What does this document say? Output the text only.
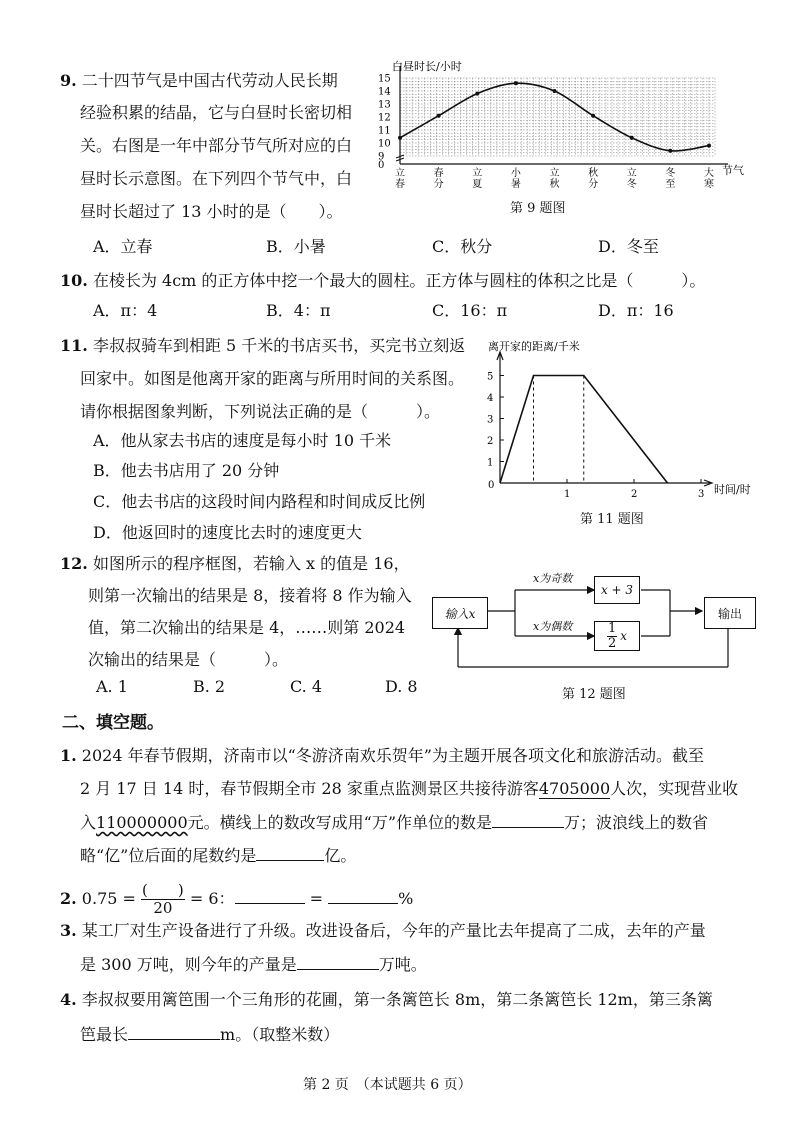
9. 二十四节气是中国古代劳动人民长期
经验积累的结晶，它与白昼时长密切相
关。右图是一年中部分节气所对应的白
昼时长示意图。在下列四个节气中，白
昼时长超过了 13 小时的是（　　）。
A．立春	B．小暑	C．秋分	D．冬至
15
14
13
12
11
10
9
立
春
春
分
立
夏
小
暑
立
秋
秋
分
立
冬
冬
至
大
寒
白昼时长/小时
节气
0
第 9 题图
10. 在棱长为 4cm 的正方体中挖一个最大的圆柱。正方体与圆柱的体积之比是（　　　）。
A．π：4	B．4：π	C．16：π	D．π：16
11. 李叔叔骑车到相距 5 千米的书店买书，买完书立刻返
回家中。如图是他离开家的距离与所用时间的关系图。
请你根据图象判断，下列说法正确的是（　　　）。
A．他从家去书店的速度是每小时 10 千米
B．他去书店用了 20 分钟
C．他去书店的这段时间内路程和时间成反比例
D．他返回时的速度比去时的速度更大
5
4
3
2
1
1	2	3
离开家的距离/千米
时间/时
0
第 11 题图
12. 如图所示的程序框图，若输入 x 的值是 16，
则第一次输出的结果是 8，接着将 8 作为输入
值，第二次输出的结果是 4，……则第 2024
次输出的结果是（　　　）。
A. 1	B. 2	C. 4	D. 8
输入x
x + 3
$\frac{1}{2}$ x
输出
x为奇数
x为偶数
第 12 题图
二、填空题。
1. 2024 年春节假期，济南市以“冬游济南欢乐贺年”为主题开展各项文化和旅游活动。截至
2 月 17 日 14 时，春节假期全市 28 家重点监测景区共接待游客4705000人次，实现营业收
入110000000元。横线上的数改写成用“万”作单位的数是	万；波浪线上的数省
略“亿”位后面的尾数约是	亿。
2. $0.75 = \frac{( )}{20} = 6$：	=	%
3. 某工厂对生产设备进行了升级。改进设备后，今年的产量比去年提高了二成，去年的产量
是 300 万吨，则今年的产量是	万吨。
4. 李叔叔要用篱笆围一个三角形的花圃，第一条篱笆长 8m，第二条篱笆长 12m，第三条篱
笆最长	m。（取整米数）
第 2 页　（本试题共 6 页）
